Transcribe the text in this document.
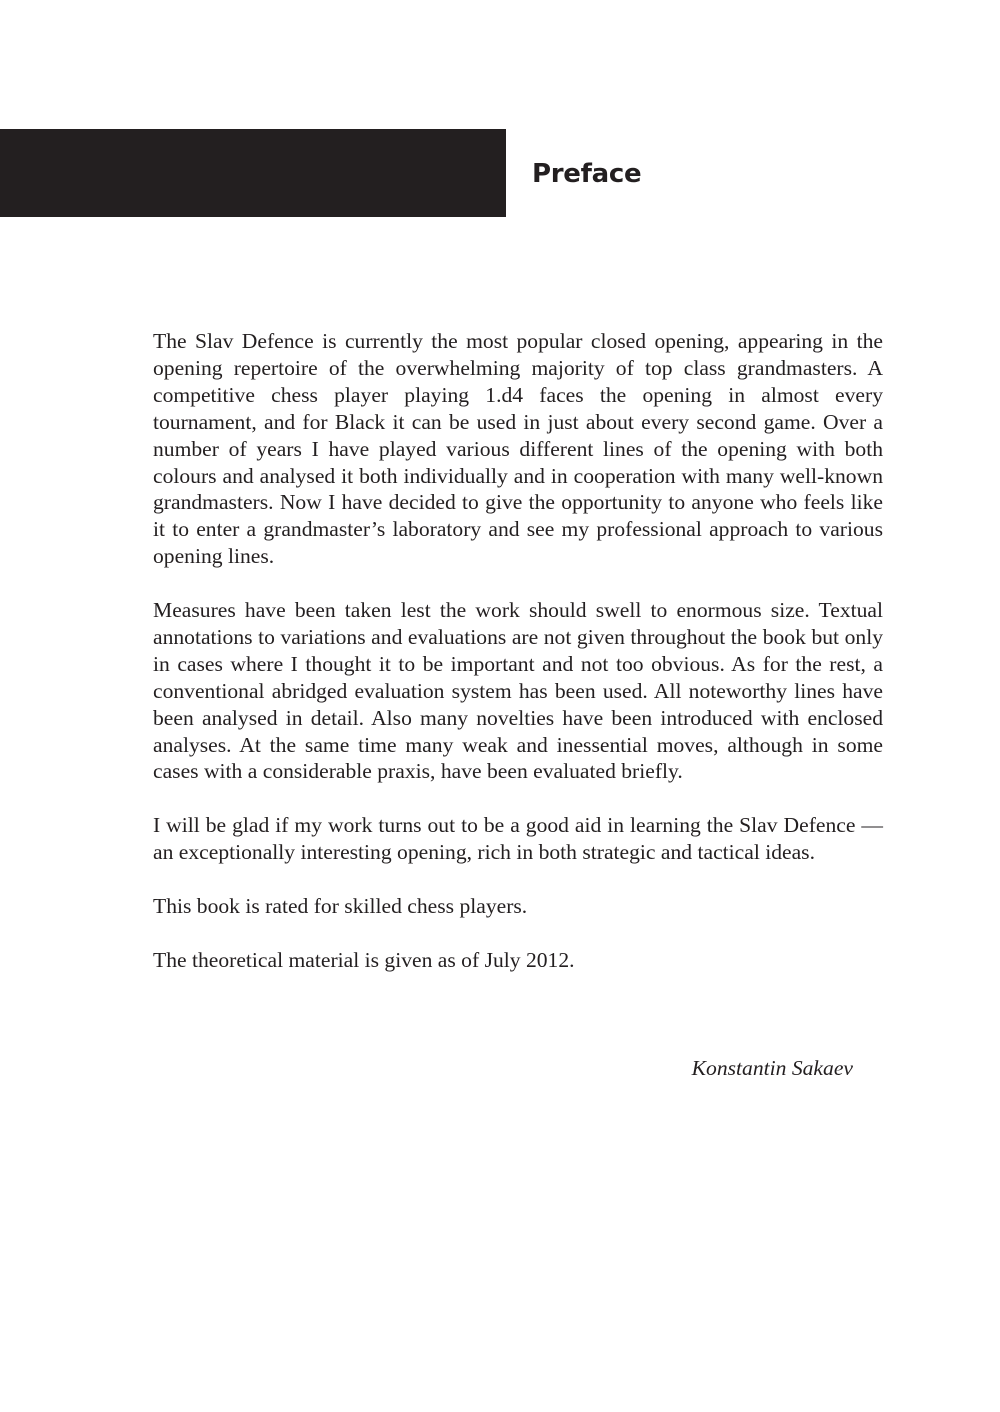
Preface

The Slav Defence is currently the most popular closed opening, appearing in the opening repertoire of the overwhelming majority of top class grandmasters. A competitive chess player playing 1.d4 faces the opening in almost every tournament, and for Black it can be used in just about every second game. Over a number of years I have played various different lines of the opening with both colours and analysed it both individually and in cooperation with many well-known grandmasters. Now I have decided to give the opportunity to anyone who feels like it to enter a grandmaster’s laboratory and see my professional approach to various opening lines.

Measures have been taken lest the work should swell to enormous size. Textual annotations to variations and evaluations are not given throughout the book but only in cases where I thought it to be important and not too obvious. As for the rest, a conventional abridged evaluation system has been used. All noteworthy lines have been analysed in detail. Also many novelties have been introduced with enclosed analyses. At the same time many weak and inessential moves, although in some cases with a considerable praxis, have been evaluated briefly.

I will be glad if my work turns out to be a good aid in learning the Slav Defence — an exceptionally interesting opening, rich in both strategic and tactical ideas.

This book is rated for skilled chess players.

The theoretical material is given as of July 2012.

Konstantin Sakaev
